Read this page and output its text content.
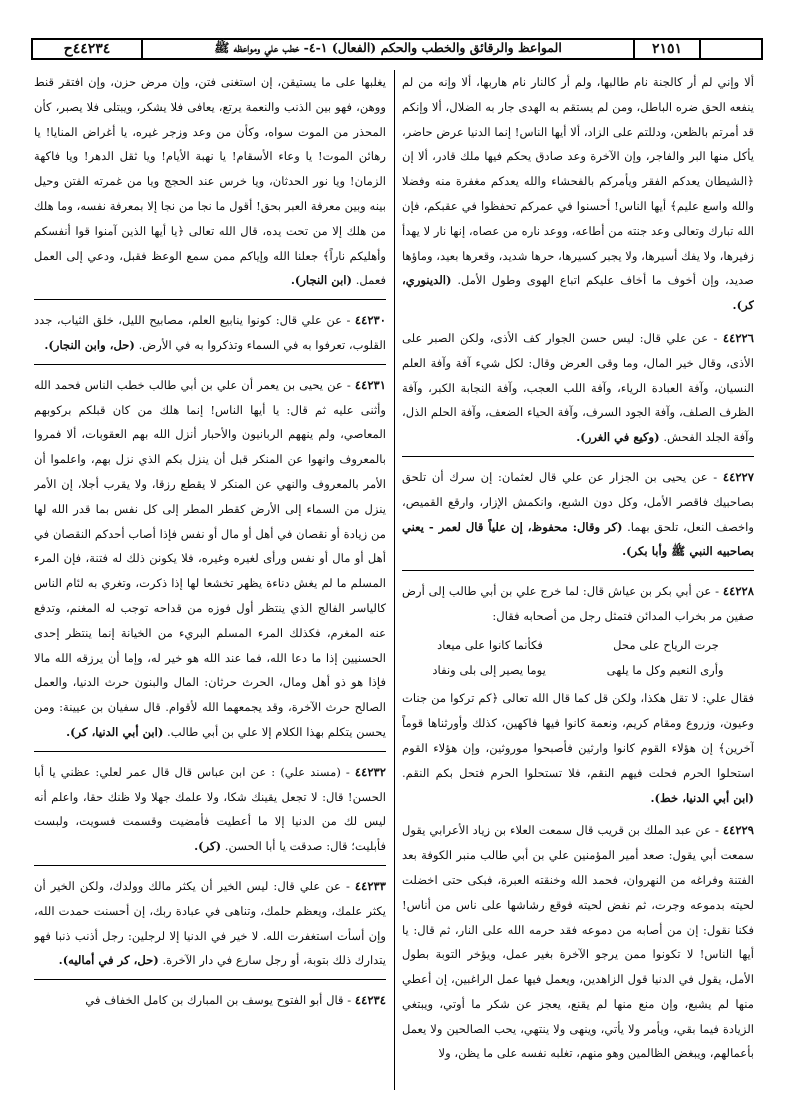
٤٤٢٣٤ح	المواعظ والرقائق والخطب والحكم (الفعال) ١-٤- خطب علي ومواعظه ﷺ	٢١٥١
ألا وإني لم أر كالجنة نام طالبها، ولم أر كالنار نام هاربها، ألا وإنه من لم ينفعه الحق ضره الباطل، ومن لم يستقم به الهدى جار به الضلال، ألا وإنكم قد أمرتم بالظعن، ودللتم على الزاد، ألا أيها الناس! إنما الدنيا عرض حاضر، يأكل منها البر والفاجر، وإن الآخرة وعد صادق يحكم فيها ملك قادر، ألا إن ﴿الشيطان يعدكم الفقر ويأمركم بالفحشاء والله يعدكم مغفرة منه وفضلا والله واسع عليم﴾ أيها الناس! أحسنوا في عمركم تحفظوا في عقبكم، فإن الله تبارك وتعالى وعد جنته من أطاعه، ووعد ناره من عصاه، إنها نار لا يهدأ زفيرها، ولا يفك أسيرها، ولا يجبر كسيرها، حرها شديد، وقعرها بعيد، وماؤها صديد، وإن أخوف ما أخاف عليكم اتباع الهوى وطول الأمل. (الدينوري، كر).
٤٤٢٢٦ - عن علي قال: ليس حسن الجوار كف الأذى، ولكن الصبر على الأذى، وقال خير المال، وما وقى العرض وقال: لكل شيء آفة وآفة العلم النسيان، وآفة العبادة الرياء، وآفة اللب العجب، وآفة النجابة الكبر، وآفة الظرف الصلف، وآفة الجود السرف، وآفة الحياء الضعف، وآفة الحلم الذل، وآفة الجلد الفحش. (وكيع في الغرر).
٤٤٢٢٧ - عن يحيى بن الجزار عن علي قال لعثمان: إن سرك أن تلحق بصاحبيك فاقصر الأمل، وكل دون الشبع، وانكمش الإزار، وارقع القميص، واخصف النعل، تلحق بهما. (كر وقال: محفوظ، إن علياً قال لعمر - يعني بصاحبيه النبي ﷺ وأبا بكر).
٤٤٢٢٨ - عن أبي بكر بن عياش قال: لما خرج علي بن أبي طالب إلى أرض صفين مر بخراب المدائن فتمثل رجل من أصحابه فقال:
جرت الرياح على محل
فكأنما كانوا على ميعاد
وأرى النعيم وكل ما يلهى
يوما يصير إلى بلى ونفاد
فقال علي: لا تقل هكذا، ولكن قل كما قال الله تعالى ﴿كم تركوا من جنات وعيون، وزروع ومقام كريم، ونعمة كانوا فيها فاكهين، كذلك وأورثناها قوماً آخرين﴾ إن هؤلاء القوم كانوا وارثين فأصبحوا موروثين، وإن هؤلاء القوم استحلوا الحرم فحلت فيهم النقم، فلا تستحلوا الحرم فتحل بكم النقم. (ابن أبي الدنيا، خط).
٤٤٢٢٩ - عن عبد الملك بن قريب قال سمعت العلاء بن زياد الأعرابي يقول سمعت أبي يقول: صعد أمير المؤمنين علي بن أبي طالب منبر الكوفة بعد الفتنة وفراغه من النهروان، فحمد الله وخنقته العبرة، فبكى حتى اخضلت لحيته بدموعه وجرت، ثم نفض لحيته فوقع رشاشها على ناس من أناس! فكنا نقول: إن من أصابه من دموعه فقد حرمه الله على النار، ثم قال: يا أيها الناس! لا تكونوا ممن يرجو الآخرة بغير عمل، ويؤخر التوبة بطول الأمل، يقول في الدنيا قول الزاهدين، ويعمل فيها عمل الراغبين، إن أعطي منها لم يشبع، وإن منع منها لم يقنع، يعجز عن شكر ما أوتي، ويبتغي الزيادة فيما بقي، ويأمر ولا يأتي، وينهى ولا ينتهي، يحب الصالحين ولا يعمل بأعمالهم، ويبغض الظالمين وهو منهم، تغلبه نفسه على ما يظن، ولا
يغلبها على ما يستيقن، إن استغنى فتن، وإن مرض حزن، وإن افتقر قنط ووهن، فهو بين الذنب والنعمة يرتع، يعافى فلا يشكر، ويبتلى فلا يصبر، كأن المحذر من الموت سواه، وكأن من وعد وزجر غيره، يا أغراض المنايا! يا رهائن الموت! يا وعاء الأسقام! يا نهبة الأيام! ويا ثقل الدهر! ويا فاكهة الزمان! ويا نور الحدثان، ويا خرس عند الحجج ويا من غمرته الفتن وحيل بينه وبين معرفة العبر بحق! أقول ما نجا من نجا إلا بمعرفة نفسه، وما هلك من هلك إلا من تحت يده، قال الله تعالى ﴿يا أيها الذين آمنوا قوا أنفسكم وأهليكم ناراً﴾ جعلنا الله وإياكم ممن سمع الوعظ فقبل، ودعي إلى العمل فعمل. (ابن النجار).
٤٤٢٣٠ - عن علي قال: كونوا ينابيع العلم، مصابيح الليل، خلق الثياب، جدد القلوب، تعرفوا به في السماء وتذكروا به في الأرض. (حل، وابن النجار).
٤٤٢٣١ - عن يحيى بن يعمر أن علي بن أبي طالب خطب الناس فحمد الله وأثنى عليه ثم قال: يا أيها الناس! إنما هلك من كان قبلكم بركوبهم المعاصي، ولم ينههم الربانيون والأحبار أنزل الله بهم العقوبات، ألا فمروا بالمعروف وانهوا عن المنكر قبل أن ينزل بكم الذي نزل بهم، واعلموا أن الأمر بالمعروف والنهي عن المنكر لا يقطع رزقا، ولا يقرب أجلا، إن الأمر ينزل من السماء إلى الأرض كقطر المطر إلى كل نفس بما قدر الله لها من زيادة أو نقصان في أهل أو مال أو نفس فإذا أصاب أحدكم النقصان في أهل أو مال أو نفس ورأى لغيره وغيره، فلا يكونن ذلك له فتنة، فإن المرء المسلم ما لم يغش دناءة يظهر تخشعا لها إذا ذكرت، وتغري به لئام الناس كالياسر الفالج الذي ينتظر أول فوزه من قداحه توجب له المغنم، وتدفع عنه المغرم، فكذلك المرء المسلم البريء من الخيانة إنما ينتظر إحدى الحسنيين إذا ما دعا الله، فما عند الله هو خير له، وإما أن يرزقه الله مالا فإذا هو ذو أهل ومال، الحرث حرثان: المال والبنون حرث الدنيا، والعمل الصالح حرث الآخرة، وقد يجمعهما الله لأقوام. قال سفيان بن عيينة: ومن يحسن يتكلم بهذا الكلام إلا علي بن أبي طالب. (ابن أبي الدنيا، كر).
٤٤٢٣٢ - (مسند علي) : عن ابن عباس قال قال عمر لعلي: عظني يا أبا الحسن! قال: لا تجعل يقينك شكا، ولا علمك جهلا ولا ظنك حقا، واعلم أنه ليس لك من الدنيا إلا ما أعطيت فأمضيت وقسمت فسويت، ولبست فأبليت؛ قال: صدقت يا أبا الحسن. (كر).
٤٤٢٣٣ - عن علي قال: ليس الخير أن يكثر مالك وولدك، ولكن الخير أن يكثر علمك، ويعظم حلمك، وتناهى في عبادة ربك، إن أحسنت حمدت الله، وإن أسأت استغفرت الله. لا خير في الدنيا إلا لرجلين: رجل أذنب ذنبا فهو يتدارك ذلك بتوبة، أو رجل سارع في دار الآخرة. (حل، كر في أماليه).
٤٤٢٣٤ - قال أبو الفتوح يوسف بن المبارك بن كامل الخفاف في
